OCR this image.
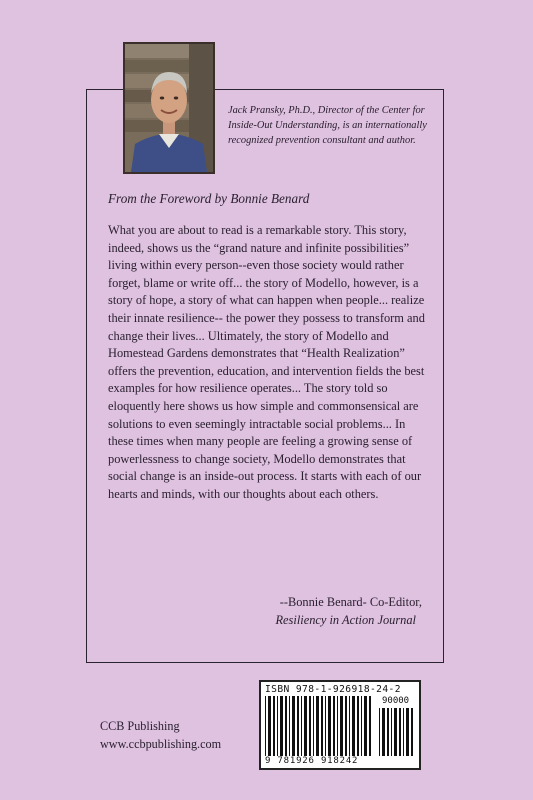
Jack Pransky, Ph.D., Director of the Center for Inside-Out Understanding, is an internationally recognized prevention consultant and author.
From the Foreword by Bonnie Benard
What you are about to read is a remarkable story. This story, indeed, shows us the “grand nature and infinite possibilities” living within every person--even those society would rather forget, blame or write off... the story of Modello, however, is a story of hope, a story of what can happen when people... realize their innate resilience-- the power they possess to transform and change their lives... Ultimately, the story of Modello and Homestead Gardens demonstrates that “Health Realization” offers the prevention, education, and intervention fields the best examples for how resilience operates... The story told so eloquently here shows us how simple and commonsensical are solutions to even seemingly intractable social problems... In these times when many people are feeling a growing sense of powerlessness to change society, Modello demonstrates that social change is an inside-out process. It starts with each of our hearts and minds, with our thoughts about each others.
--Bonnie Benard- Co-Editor,
Resiliency in Action Journal
CCB Publishing
www.ccbpublishing.com
ISBN 978-1-926918-24-2
90000
9 781926 918242
